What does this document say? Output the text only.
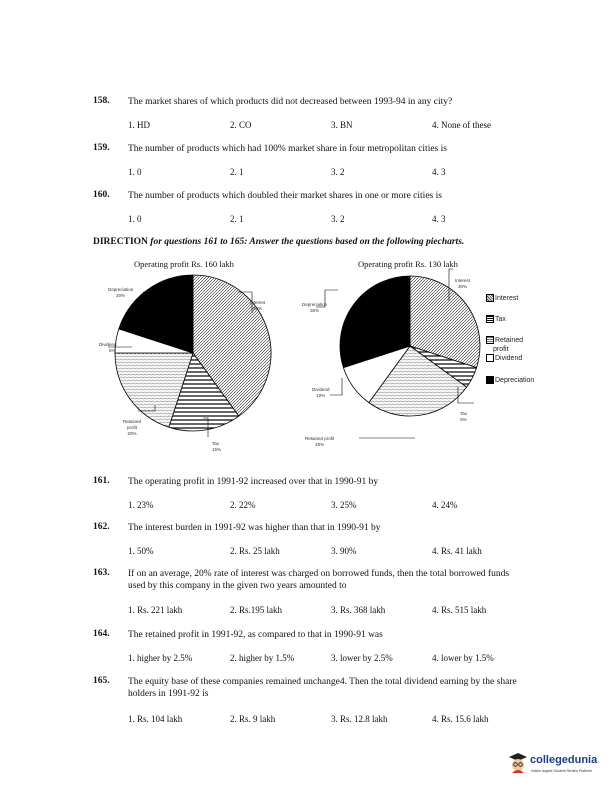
158. The market shares of which products did not decreased between 1993-94 in any city?
1. HD	2. CO	3. BN	4. None of these
159. The number of products which had 100% market share in four metropolitan cities is
1. 0	2. 1	3. 2	4. 3
160. The number of products which doubled their market shares in one or more cities is
1. 0	2. 1	3. 2	4. 3
DIRECTION for questions 161 to 165: Answer the questions based on the following piecharts.
Operating profit Rs. 160 lakh	Operating profit Rs. 130 lakh
Depreciation
20%
Interest
40%
Dividend
5%
Retained
profit
20%
Tax
15%
Depreciation
30%
Interest
30%
Dividend
10%
Retained profit
25%
Tax
5%
Interest
Tax
Retained
profit
Dividend
Depreciation
161. The operating profit in 1991-92 increased over that in 1990-91 by
1. 23%	2. 22%	3. 25%	4. 24%
162. The interest burden in 1991-92 was higher than that in 1990-91 by
1. 50%	2. Rs. 25 lakh	3. 90%	4. Rs. 41 lakh
163. If on an average, 20% rate of interest was charged on borrowed funds, then the total borrowed funds used by this company in the given two years amounted to
1. Rs. 221 lakh	2. Rs.195 lakh	3. Rs. 368 lakh	4. Rs. 515 lakh
164. The retained profit in 1991-92, as compared to that in 1990-91 was
1. higher by 2.5%	2. higher by 1.5%	3. lower by 2.5%	4. lower by 1.5%
165. The equity base of these companies remained unchange4. Then the total dividend earning by the share holders in 1991-92 is
1. Rs. 104 lakh	2. Rs. 9 lakh	3. Rs. 12.8 lakh	4. Rs. 15.6 lakh
collegedunia
India's largest Student Review Platform
